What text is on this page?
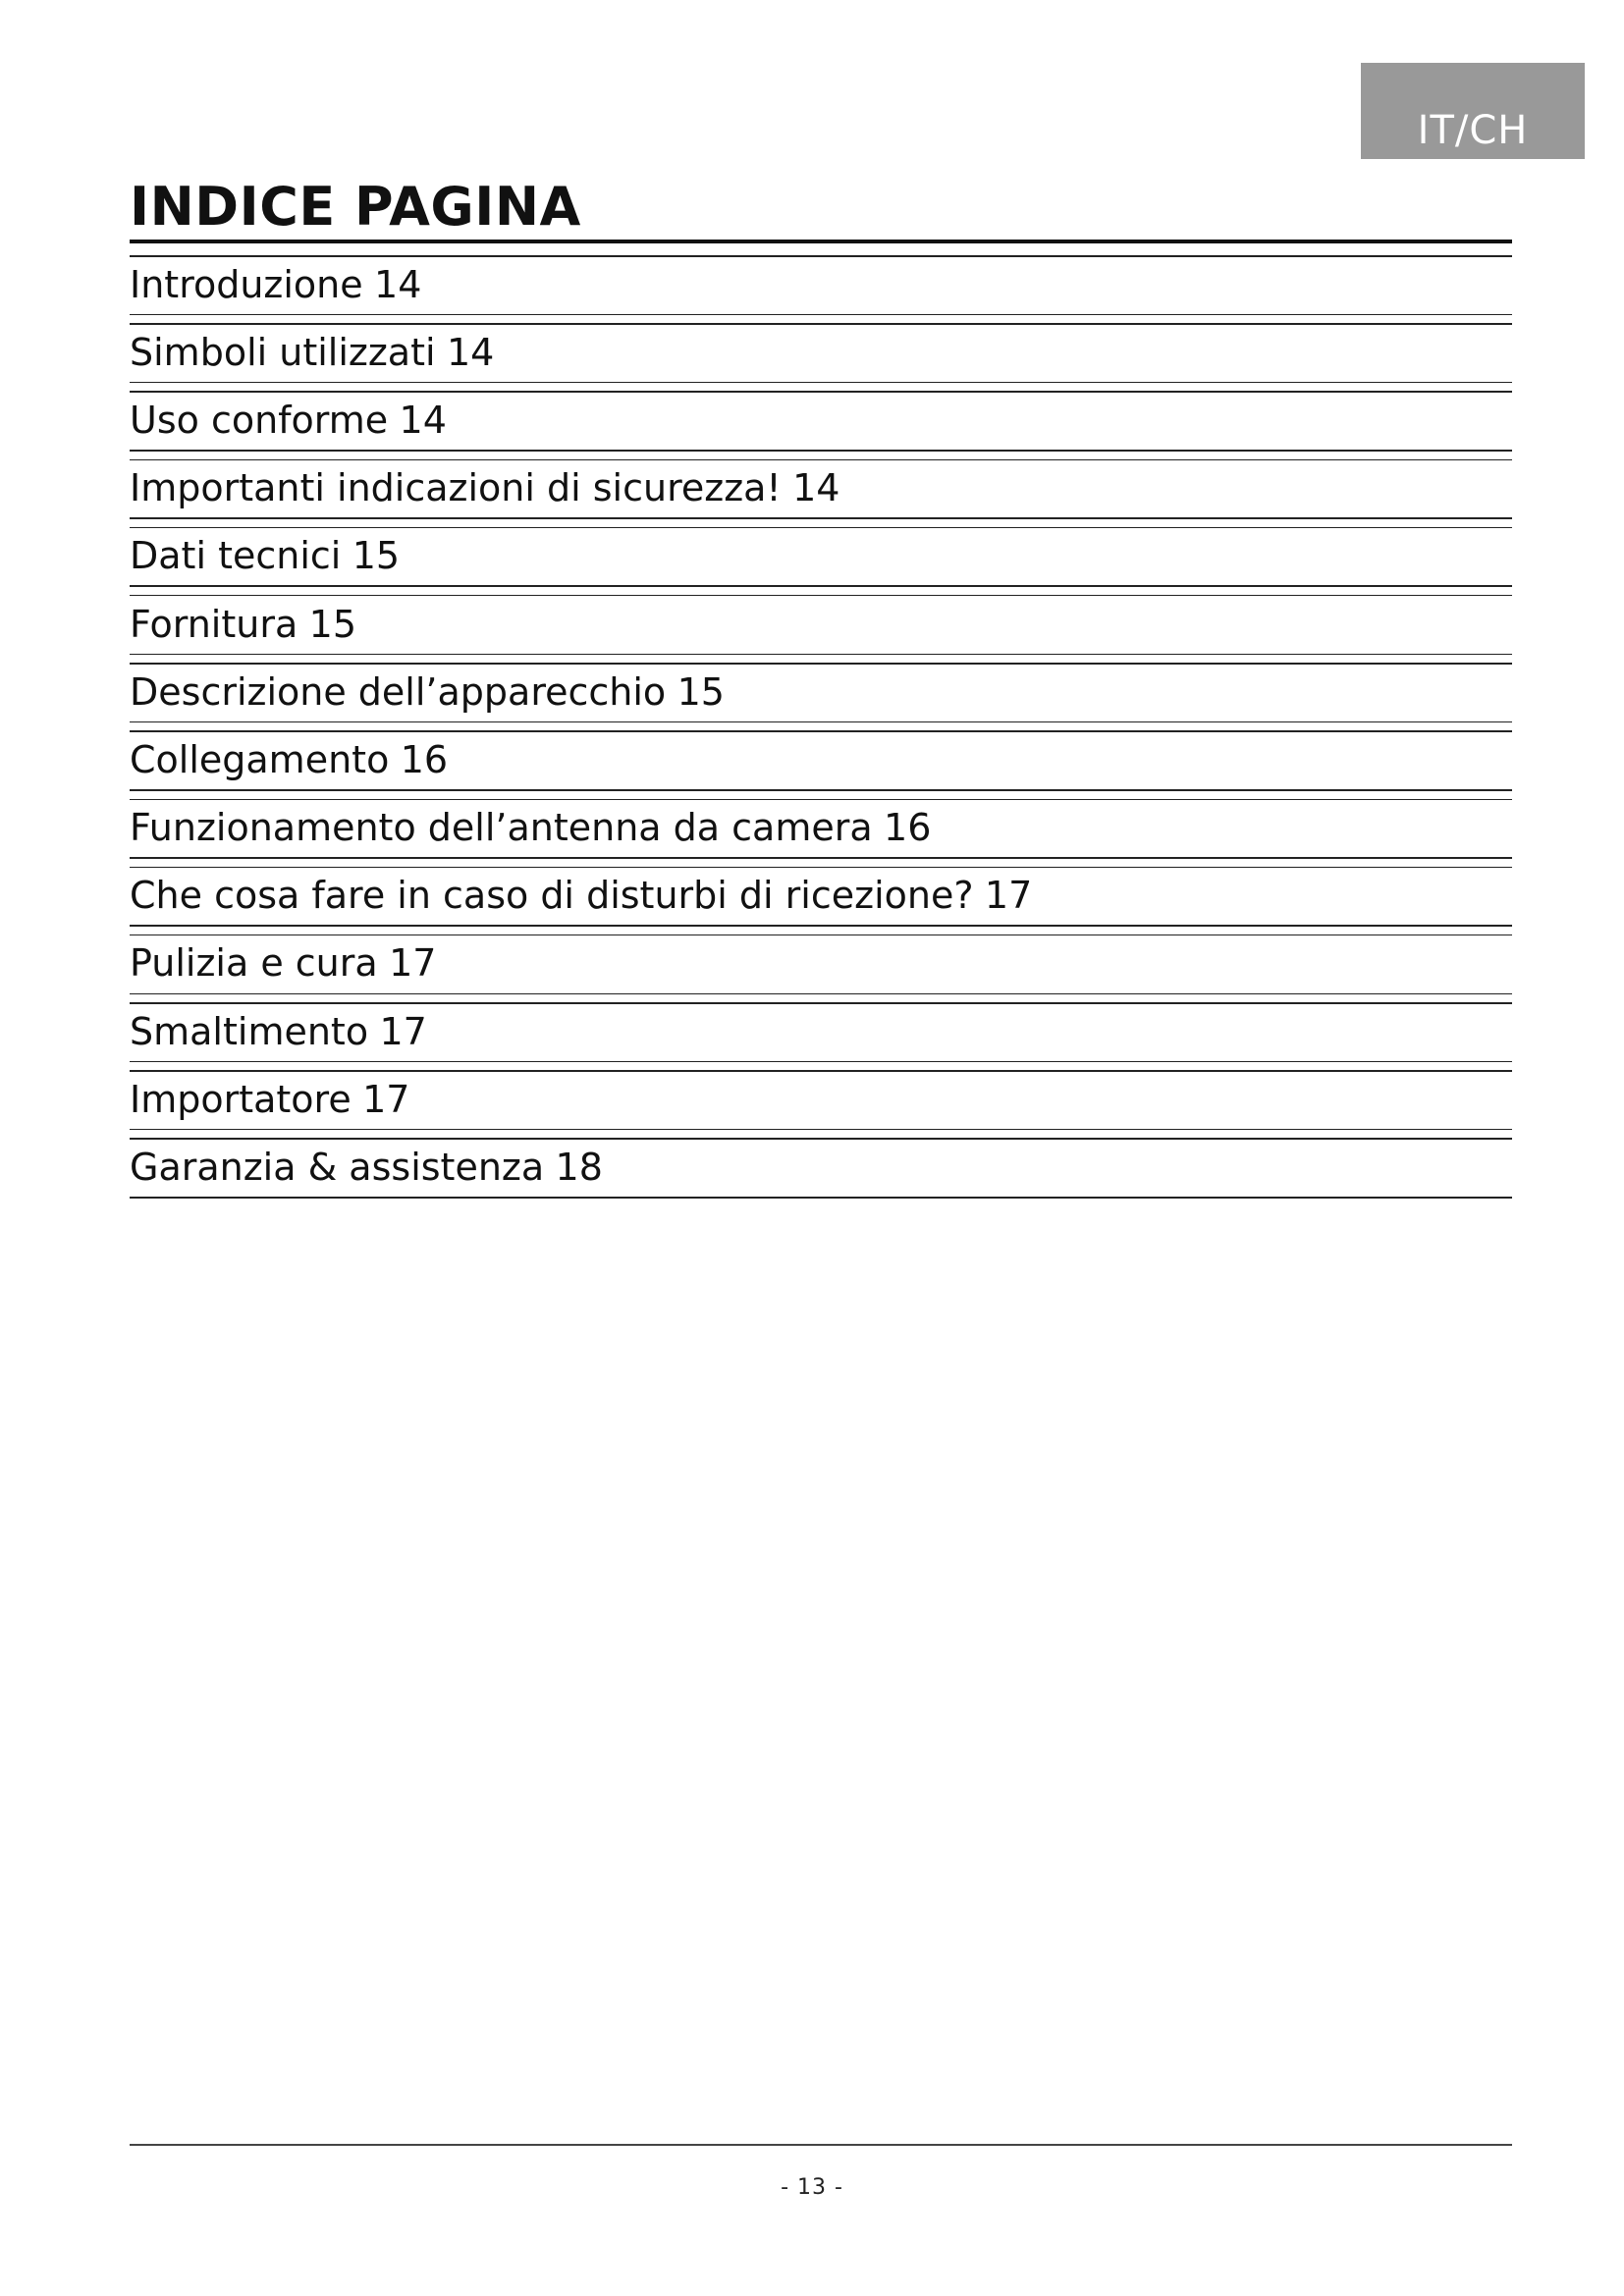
IT/CH
INDICE PAGINA
Introduzione 14
Simboli utilizzati 14
Uso conforme 14
Importanti indicazioni di sicurezza! 14
Dati tecnici 15
Fornitura 15
Descrizione dell’apparecchio 15
Collegamento 16
Funzionamento dell’antenna da camera 16
Che cosa fare in caso di disturbi di ricezione? 17
Pulizia e cura 17
Smaltimento 17
Importatore 17
Garanzia & assistenza 18
- 13 -
